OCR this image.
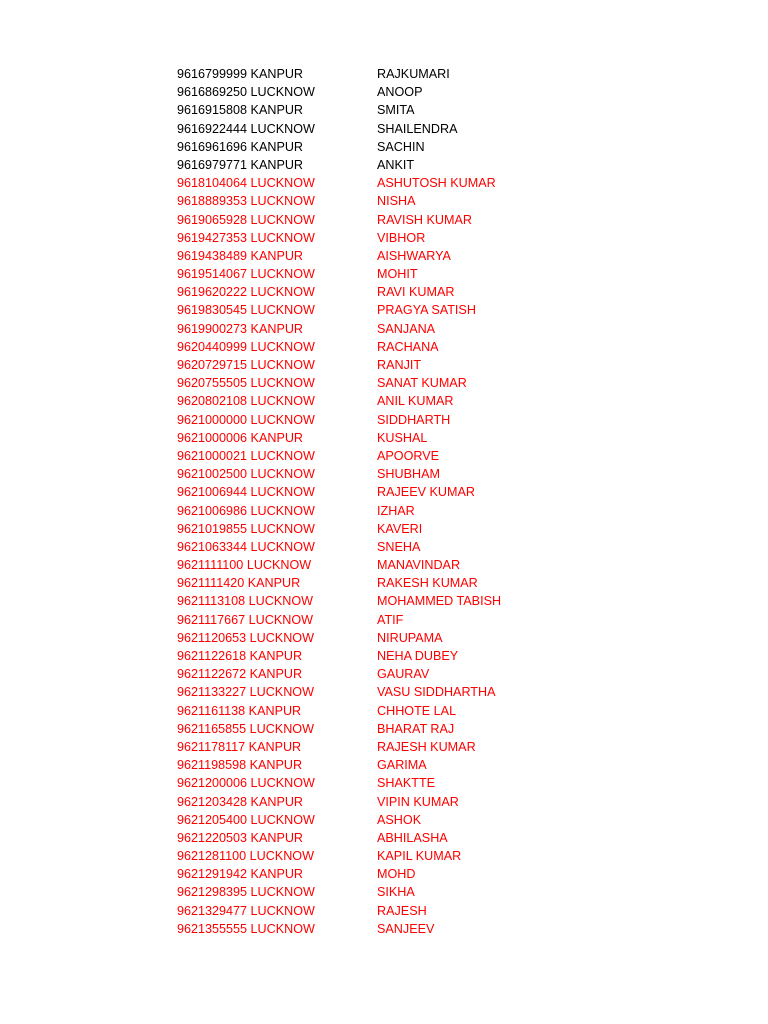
9616799999 KANPUR	RAJKUMARI
9616869250 LUCKNOW	ANOOP
9616915808 KANPUR	SMITA
9616922444 LUCKNOW	SHAILENDRA
9616961696 KANPUR	SACHIN
9616979771 KANPUR	ANKIT
9618104064 LUCKNOW	ASHUTOSH KUMAR
9618889353 LUCKNOW	NISHA
9619065928 LUCKNOW	RAVISH KUMAR
9619427353 LUCKNOW	VIBHOR
9619438489 KANPUR	AISHWARYA
9619514067 LUCKNOW	MOHIT
9619620222 LUCKNOW	RAVI KUMAR
9619830545 LUCKNOW	PRAGYA SATISH
9619900273 KANPUR	SANJANA
9620440999 LUCKNOW	RACHANA
9620729715 LUCKNOW	RANJIT
9620755505 LUCKNOW	SANAT KUMAR
9620802108 LUCKNOW	ANIL KUMAR
9621000000 LUCKNOW	SIDDHARTH
9621000006 KANPUR	KUSHAL
9621000021 LUCKNOW	APOORVE
9621002500 LUCKNOW	SHUBHAM
9621006944 LUCKNOW	RAJEEV KUMAR
9621006986 LUCKNOW	IZHAR
9621019855 LUCKNOW	KAVERI
9621063344 LUCKNOW	SNEHA
9621111100 LUCKNOW	MANAVINDAR
9621111420 KANPUR	RAKESH KUMAR
9621113108 LUCKNOW	MOHAMMED TABISH
9621117667 LUCKNOW	ATIF
9621120653 LUCKNOW	NIRUPAMA
9621122618 KANPUR	NEHA DUBEY
9621122672 KANPUR	GAURAV
9621133227 LUCKNOW	VASU SIDDHARTHA
9621161138 KANPUR	CHHOTE LAL
9621165855 LUCKNOW	BHARAT RAJ
9621178117 KANPUR	RAJESH KUMAR
9621198598 KANPUR	GARIMA
9621200006 LUCKNOW	SHAKTTE
9621203428 KANPUR	VIPIN KUMAR
9621205400 LUCKNOW	ASHOK
9621220503 KANPUR	ABHILASHA
9621281100 LUCKNOW	KAPIL KUMAR
9621291942 KANPUR	MOHD
9621298395 LUCKNOW	SIKHA
9621329477 LUCKNOW	RAJESH
9621355555 LUCKNOW	SANJEEV
